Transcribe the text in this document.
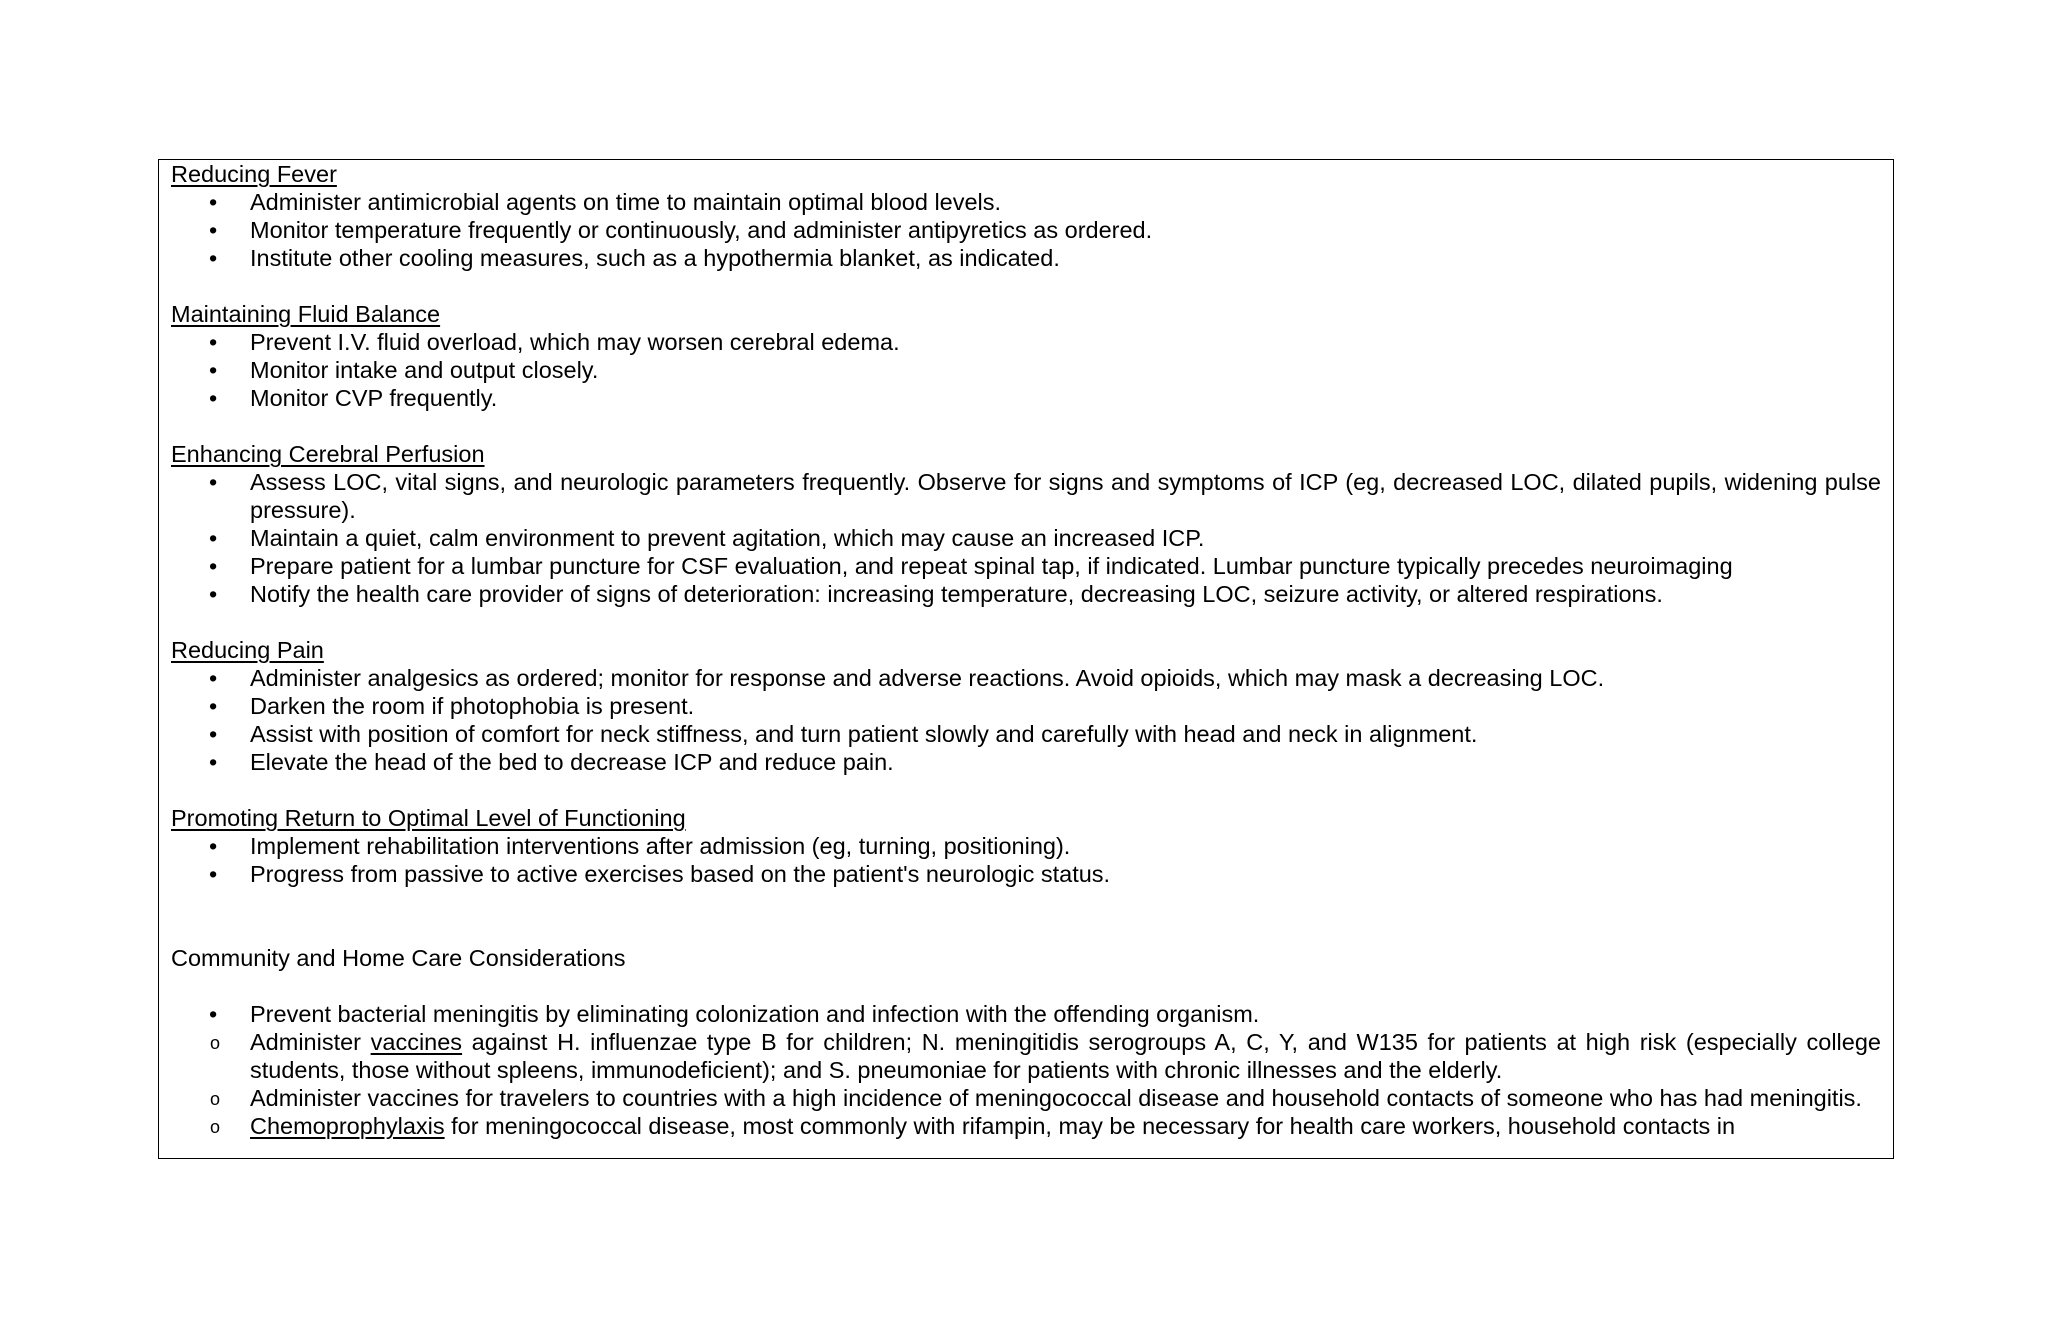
Reducing Fever
• Administer antimicrobial agents on time to maintain optimal blood levels.
• Monitor temperature frequently or continuously, and administer antipyretics as ordered.
• Institute other cooling measures, such as a hypothermia blanket, as indicated.
Maintaining Fluid Balance
• Prevent I.V. fluid overload, which may worsen cerebral edema.
• Monitor intake and output closely.
• Monitor CVP frequently.
Enhancing Cerebral Perfusion
• Assess LOC, vital signs, and neurologic parameters frequently. Observe for signs and symptoms of ICP (eg, decreased LOC, dilated pupils, widening pulse pressure).
• Maintain a quiet, calm environment to prevent agitation, which may cause an increased ICP.
• Prepare patient for a lumbar puncture for CSF evaluation, and repeat spinal tap, if indicated. Lumbar puncture typically precedes neuroimaging
• Notify the health care provider of signs of deterioration: increasing temperature, decreasing LOC, seizure activity, or altered respirations.
Reducing Pain
• Administer analgesics as ordered; monitor for response and adverse reactions. Avoid opioids, which may mask a decreasing LOC.
• Darken the room if photophobia is present.
• Assist with position of comfort for neck stiffness, and turn patient slowly and carefully with head and neck in alignment.
• Elevate the head of the bed to decrease ICP and reduce pain.
Promoting Return to Optimal Level of Functioning
• Implement rehabilitation interventions after admission (eg, turning, positioning).
• Progress from passive to active exercises based on the patient's neurologic status.
Community and Home Care Considerations
• Prevent bacterial meningitis by eliminating colonization and infection with the offending organism.
o Administer vaccines against H. influenzae type B for children; N. meningitidis serogroups A, C, Y, and W135 for patients at high risk (especially college students, those without spleens, immunodeficient); and S. pneumoniae for patients with chronic illnesses and the elderly.
o Administer vaccines for travelers to countries with a high incidence of meningococcal disease and household contacts of someone who has had meningitis.
o Chemoprophylaxis for meningococcal disease, most commonly with rifampin, may be necessary for health care workers, household contacts in
